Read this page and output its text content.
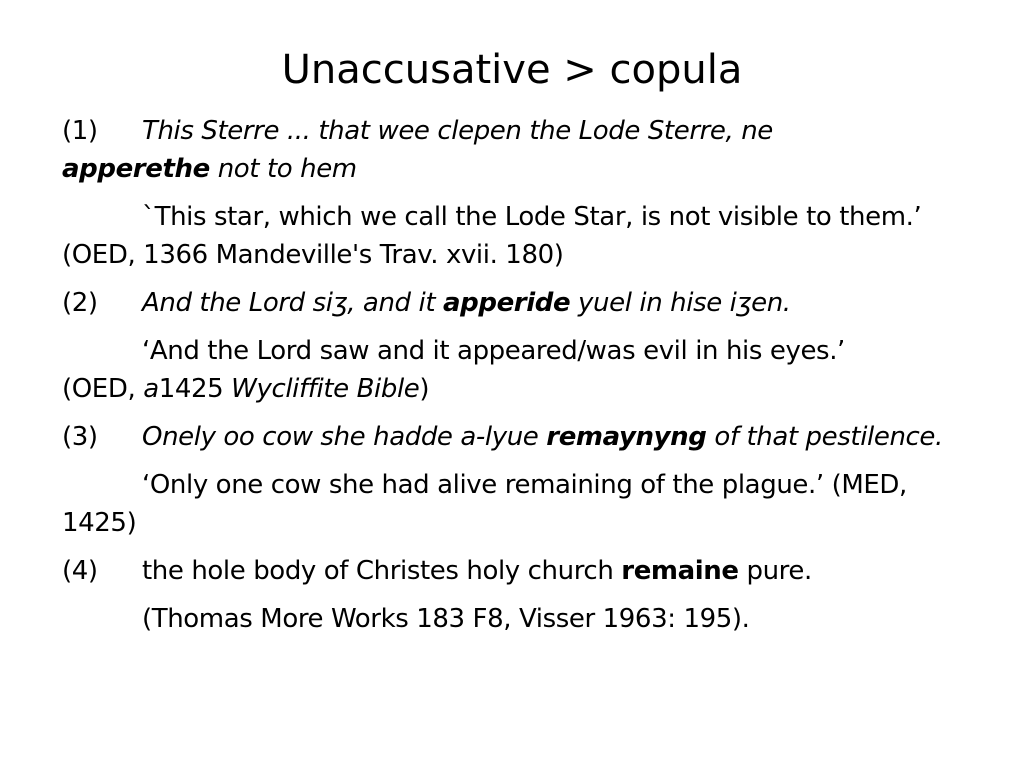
Unaccusative > copula
(1) This Sterre ... that wee clepen the Lode Sterre, ne
apperethe not to hem
`This star, which we call the Lode Star, is not visible to them.’ (OED, 1366 Mandeville's Trav. xvii. 180)
(2) And the Lord siʒ, and it apperide yuel in hise iʒen.
‘And the Lord saw and it appeared/was evil in his eyes.’
(OED, a1425 Wycliffite Bible)
(3) Onely oo cow she hadde a-lyue remaynyng of that pestilence.
‘Only one cow she had alive remaining of the plague.’ (MED, 1425)
(4) the hole body of Christes holy church remaine pure.
(Thomas More Works 183 F8, Visser 1963: 195).
